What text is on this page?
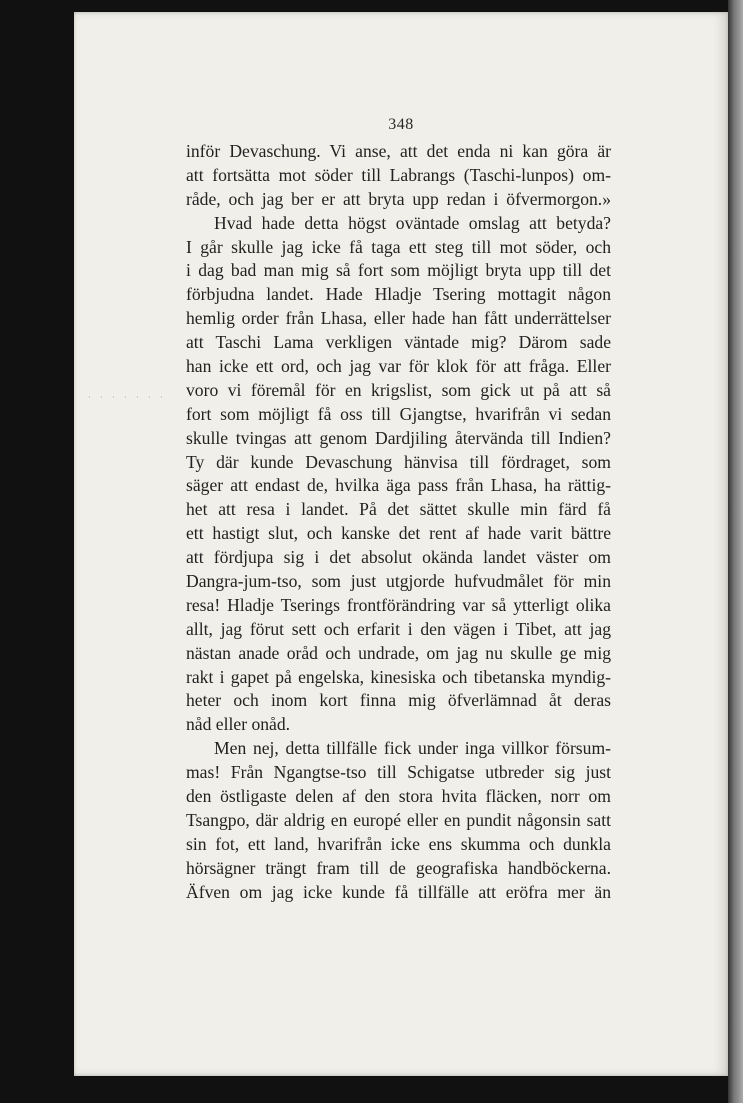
348
·······
inför Devaschung. Vi anse, att det enda ni kan göra är
att fortsätta mot söder till Labrangs (Taschi-lunpos) om-
råde, och jag ber er att bryta upp redan i öfvermorgon.»
Hvad hade detta högst oväntade omslag att betyda?
I går skulle jag icke få taga ett steg till mot söder, och
i dag bad man mig så fort som möjligt bryta upp till det
förbjudna landet. Hade Hladje Tsering mottagit någon
hemlig order från Lhasa, eller hade han fått underrättelser
att Taschi Lama verkligen väntade mig? Därom sade
han icke ett ord, och jag var för klok för att fråga. Eller
voro vi föremål för en krigslist, som gick ut på att så
fort som möjligt få oss till Gjangtse, hvarifrån vi sedan
skulle tvingas att genom Dardjiling återvända till Indien?
Ty där kunde Devaschung hänvisa till fördraget, som
säger att endast de, hvilka äga pass från Lhasa, ha rättig-
het att resa i landet. På det sättet skulle min färd få
ett hastigt slut, och kanske det rent af hade varit bättre
att fördjupa sig i det absolut okända landet väster om
Dangra-jum-tso, som just utgjorde hufvudmålet för min
resa! Hladje Tserings frontförändring var så ytterligt olika
allt, jag förut sett och erfarit i den vägen i Tibet, att jag
nästan anade oråd och undrade, om jag nu skulle ge mig
rakt i gapet på engelska, kinesiska och tibetanska myndig-
heter och inom kort finna mig öfverlämnad åt deras
nåd eller onåd.
Men nej, detta tillfälle fick under inga villkor försum-
mas! Från Ngangtse-tso till Schigatse utbreder sig just
den östligaste delen af den stora hvita fläcken, norr om
Tsangpo, där aldrig en europé eller en pundit någonsin satt
sin fot, ett land, hvarifrån icke ens skumma och dunkla
hörsägner trängt fram till de geografiska handböckerna.
Äfven om jag icke kunde få tillfälle att eröfra mer än
